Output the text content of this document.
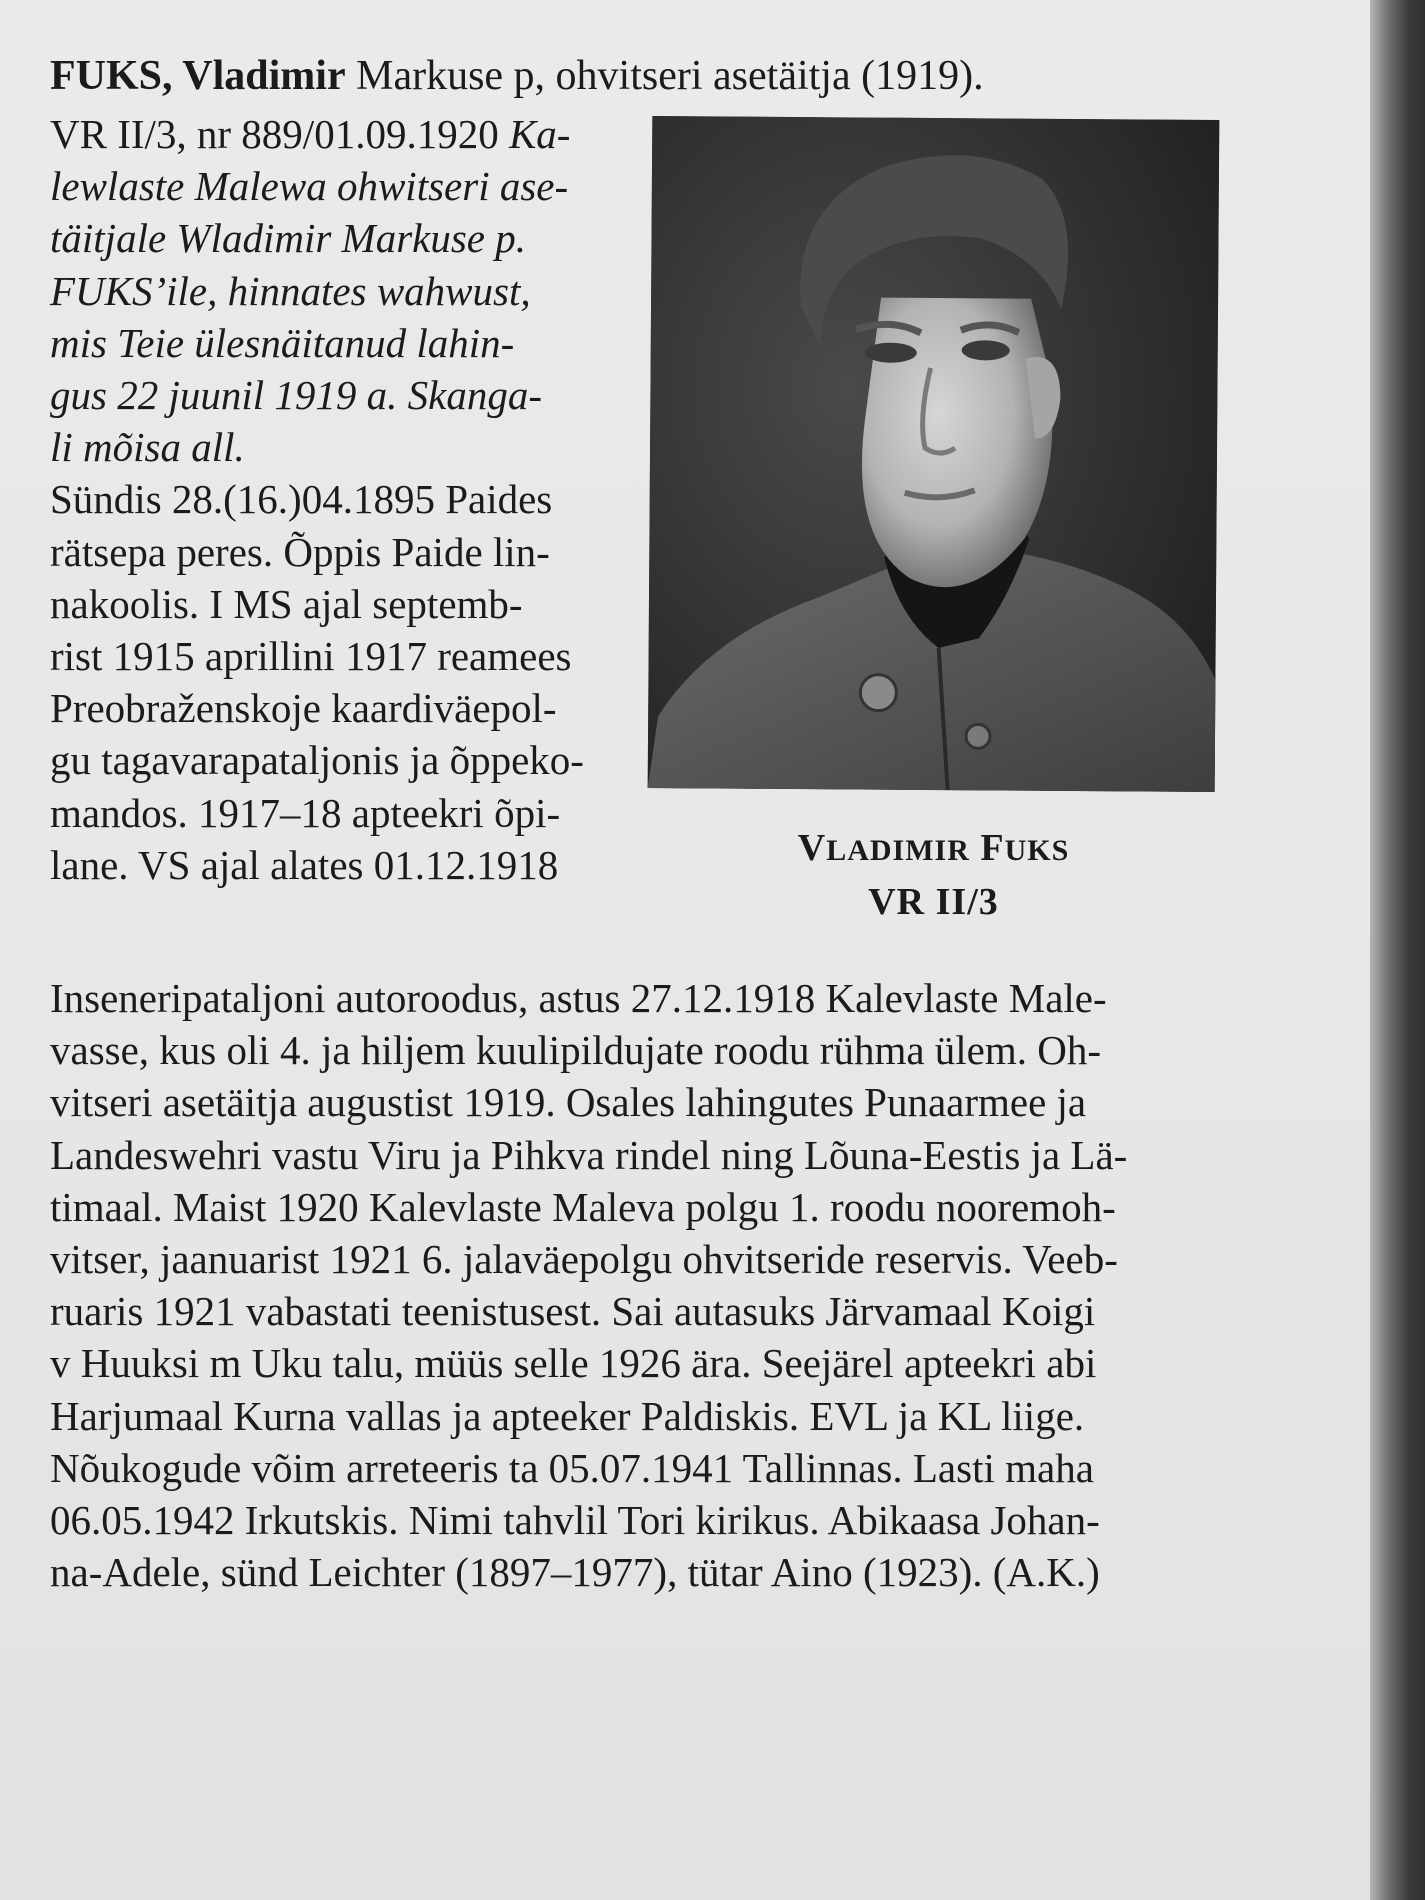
FUKS, Vladimir Markuse p, ohvitseri asetäitja (1919).
VR II/3, nr 889/01.09.1920 Ka-
lewlaste Malewa ohwitseri ase-
täitjale Wladimir Markuse p.
FUKS’ile, hinnates wahwust,
mis Teie ülesnäitanud lahin-
gus 22 juunil 1919 a. Skanga-
li mõisa all.
Sündis 28.(16.)04.1895 Paides
rätsepa peres. Õppis Paide lin-
nakoolis. I MS ajal septemb-
rist 1915 aprillini 1917 reamees
Preobraženskoje kaardiväepol-
gu tagavarapataljonis ja õppeko-
mandos. 1917–18 apteekri õpi-
lane. VS ajal alates 01.12.1918
Inseneripataljoni autoroodus, astus 27.12.1918 Kalevlaste Male-
vasse, kus oli 4. ja hiljem kuulipildujate roodu rühma ülem. Oh-
vitseri asetäitja augustist 1919. Osales lahingutes Punaarmee ja
Landeswehri vastu Viru ja Pihkva rindel ning Lõuna-Eestis ja Lä-
timaal. Maist 1920 Kalevlaste Maleva polgu 1. roodu nooremoh-
vitser, jaanuarist 1921 6. jalaväepolgu ohvitseride reservis. Veeb-
ruaris 1921 vabastati teenistusest. Sai autasuks Järvamaal Koigi
v Huuksi m Uku talu, müüs selle 1926 ära. Seejärel apteekri abi
Harjumaal Kurna vallas ja apteeker Paldiskis. EVL ja KL liige.
Nõukogude võim arreteeris ta 05.07.1941 Tallinnas. Lasti maha
06.05.1942 Irkutskis. Nimi tahvlil Tori kirikus. Abikaasa Johan-
na-Adele, sünd Leichter (1897–1977), tütar Aino (1923). (A.K.)
VLADIMIR FUKS
VR II/3
